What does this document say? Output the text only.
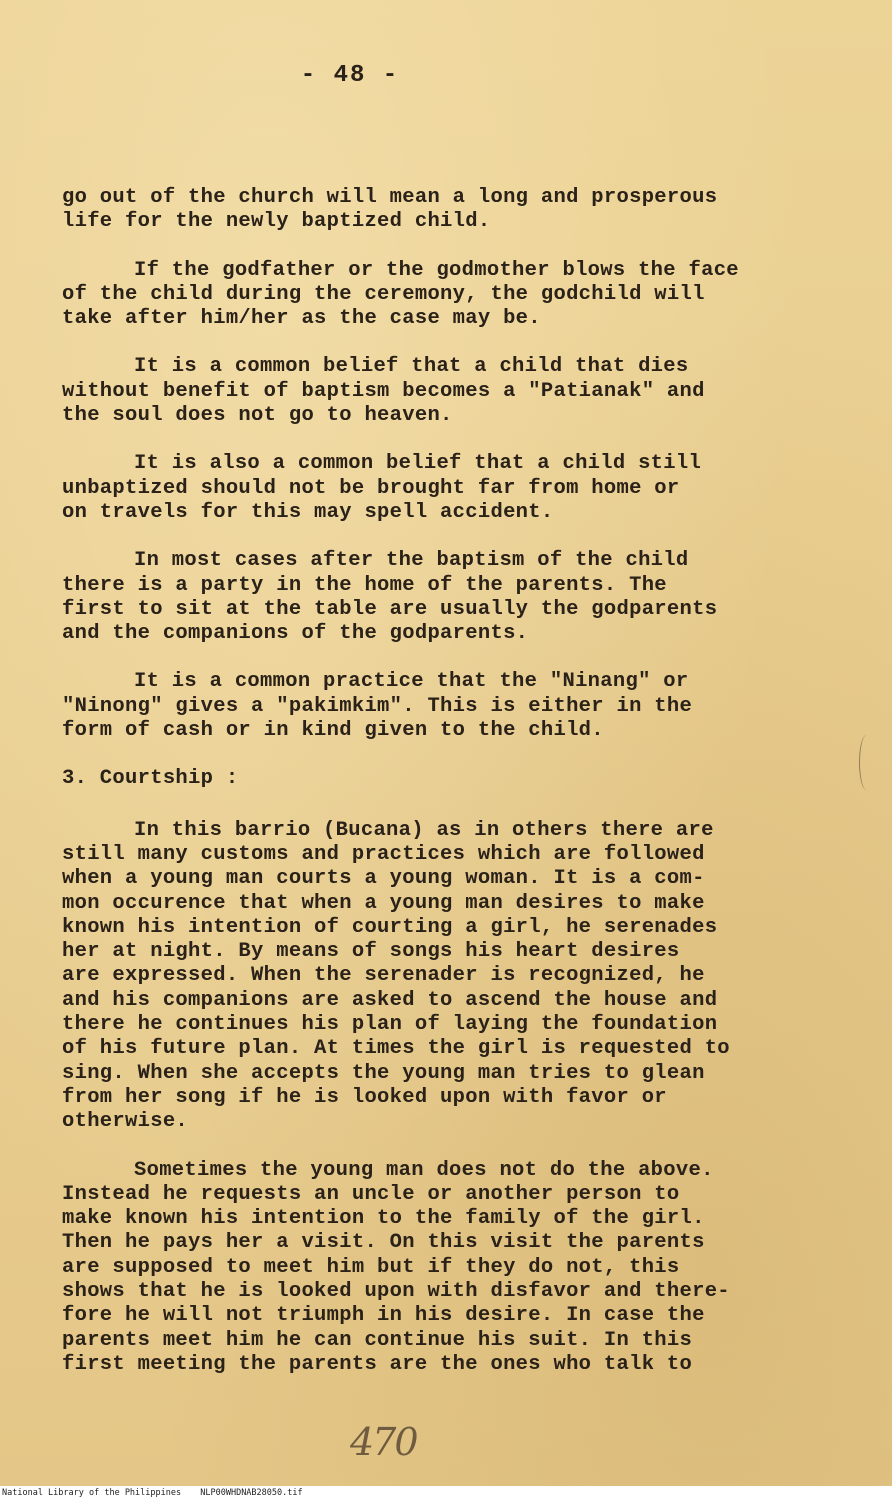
- 48 -

go out of the church will mean a long and prosperous
life for the newly baptized child.

If the godfather or the godmother blows the face
of the child during the ceremony, the godchild will
take after him/her as the case may be.

It is a common belief that a child that dies
without benefit of baptism becomes a "Patianak" and
the soul does not go to heaven.

It is also a common belief that a child still
unbaptized should not be brought far from home or
on travels for this may spell accident.

In most cases after the baptism of the child
there is a party in the home of the parents. The
first to sit at the table are usually the godparents
and the companions of the godparents.

It is a common practice that the "Ninang" or
"Ninong" gives a "pakimkim". This is either in the
form of cash or in kind given to the child.

3. Courtship :

In this barrio (Bucana) as in others there are
still many customs and practices which are followed
when a young man courts a young woman. It is a com-
mon occurence that when a young man desires to make
known his intention of courting a girl, he serenades
her at night. By means of songs his heart desires
are expressed. When the serenader is recognized, he
and his companions are asked to ascend the house and
there he continues his plan of laying the foundation
of his future plan. At times the girl is requested to
sing. When she accepts the young man tries to glean
from her song if he is looked upon with favor or
otherwise.

Sometimes the young man does not do the above.
Instead he requests an uncle or another person to
make known his intention to the family of the girl.
Then he pays her a visit. On this visit the parents
are supposed to meet him but if they do not, this
shows that he is looked upon with disfavor and there-
fore he will not triumph in his desire. In case the
parents meet him he can continue his suit. In this
first meeting the parents are the ones who talk to

470
National Library of the Philippines NLP00WHDNAB28050.tif
